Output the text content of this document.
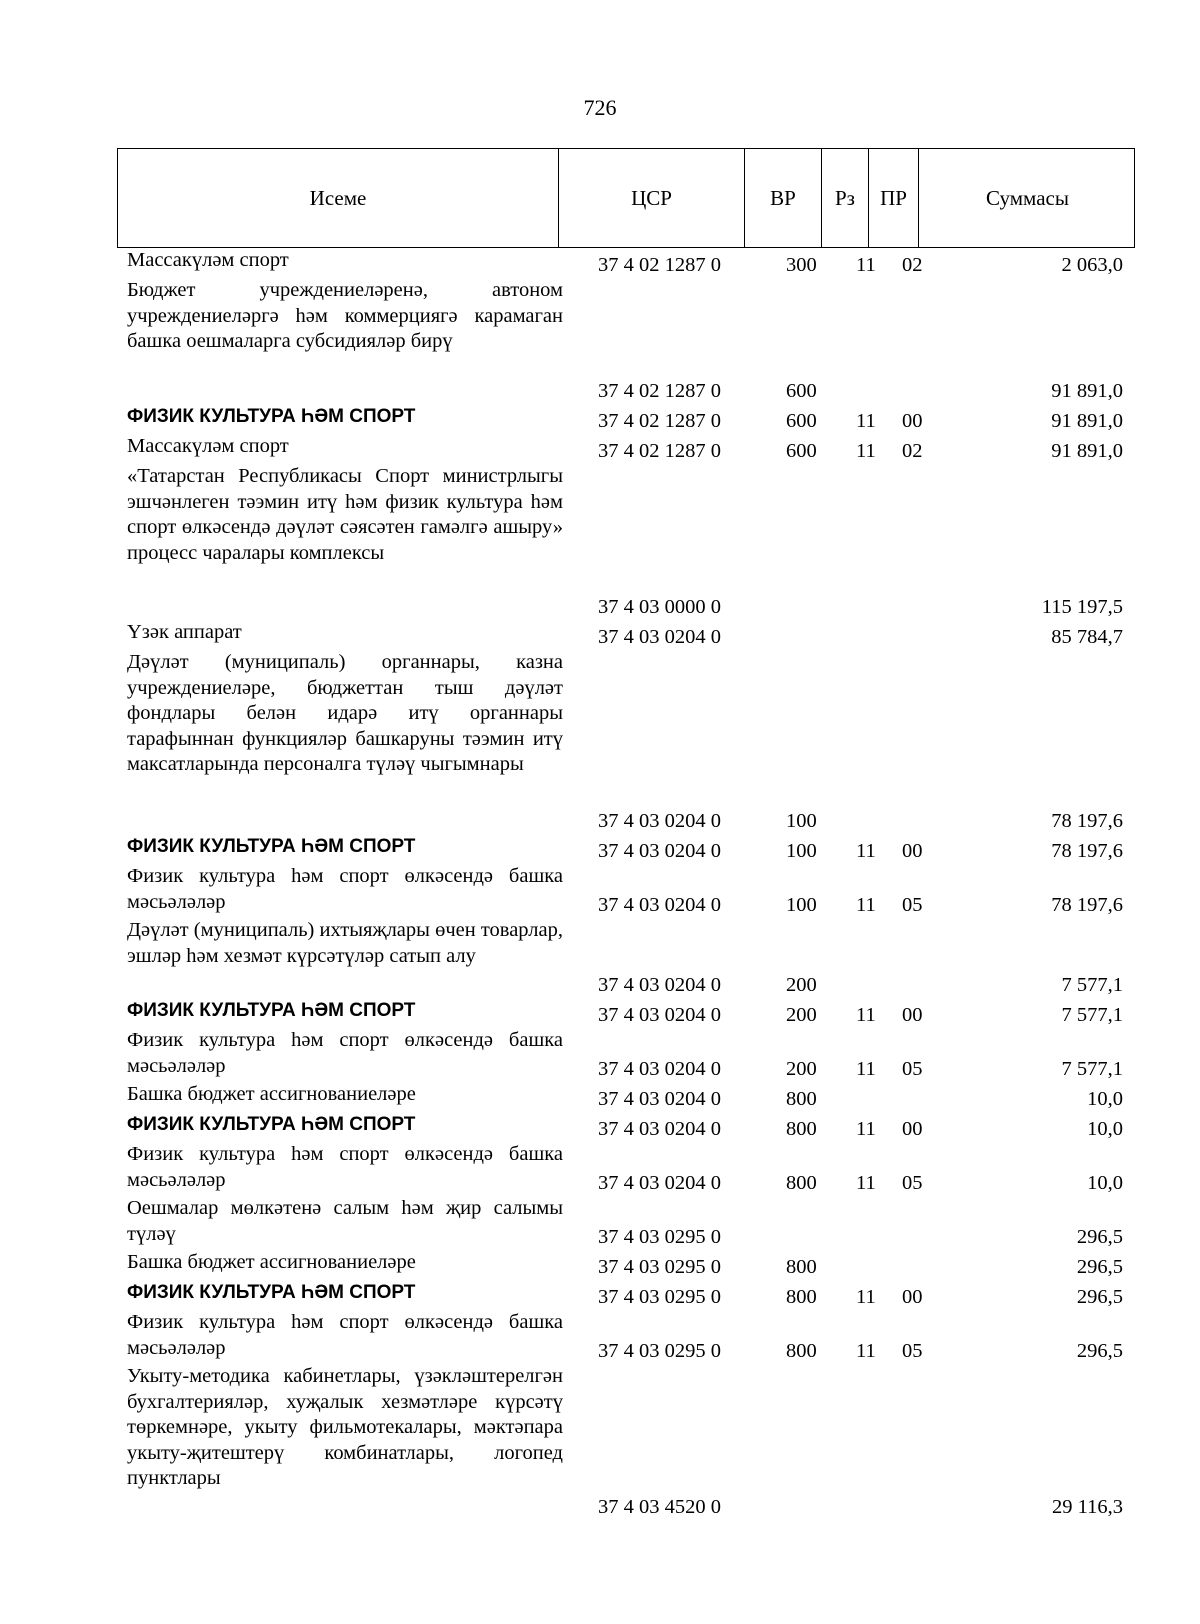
726
Исеме	ЦСР	ВР	Рз	ПР	Суммасы
Массакүләм спорт	37 4 02 1287 0	300 11 02	2 063,0
Бюджет учреждениеләренә, автоном учреждениеләргә һәм коммерциягә карамаган башка оешмаларга субсидияләр бирү
37 4 02 1287 0	600	91 891,0
ФИЗИК КУЛЬТУРА ҺӘМ СПОРТ	37 4 02 1287 0	600 11 00	91 891,0
Массакүләм спорт	37 4 02 1287 0	600 11 02	91 891,0
«Татарстан Республикасы Спорт министрлыгы эшчәнлеген тәэмин итү һәм физик культура һәм спорт өлкәсендә дәүләт сәясәтен гамәлгә ашыру» процесс чаралары комплексы
37 4 03 0000 0	115 197,5
Үзәк аппарат	37 4 03 0204 0	85 784,7
Дәүләт (муниципаль) органнары, казна учреждениеләре, бюджеттан тыш дәүләт фондлары белән идарә итү органнары тарафыннан функцияләр башкаруны тәэмин итү максатларында персоналга түләү чыгымнары
37 4 03 0204 0	100	78 197,6
ФИЗИК КУЛЬТУРА ҺӘМ СПОРТ	37 4 03 0204 0	100 11 00	78 197,6
Физик культура һәм спорт өлкәсендә башка мәсьәләләр	37 4 03 0204 0	100 11 05	78 197,6
Дәүләт (муниципаль) ихтыяҗлары өчен товарлар, эшләр һәм хезмәт күрсәтүләр сатып алу
37 4 03 0204 0	200	7 577,1
ФИЗИК КУЛЬТУРА ҺӘМ СПОРТ	37 4 03 0204 0	200 11 00	7 577,1
Физик культура һәм спорт өлкәсендә башка мәсьәләләр	37 4 03 0204 0	200 11 05	7 577,1
Башка бюджет ассигнованиеләре	37 4 03 0204 0	800	10,0
ФИЗИК КУЛЬТУРА ҺӘМ СПОРТ	37 4 03 0204 0	800 11 00	10,0
Физик культура һәм спорт өлкәсендә башка мәсьәләләр	37 4 03 0204 0	800 11 05	10,0
Оешмалар мөлкәтенә салым һәм җир салымы түләү	37 4 03 0295 0	296,5
Башка бюджет ассигнованиеләре	37 4 03 0295 0	800	296,5
ФИЗИК КУЛЬТУРА ҺӘМ СПОРТ	37 4 03 0295 0	800 11 00	296,5
Физик культура һәм спорт өлкәсендә башка мәсьәләләр	37 4 03 0295 0	800 11 05	296,5
Укыту-методика кабинетлары, үзәкләштерелгән бухгалтерияләр, хуҗалык хезмәтләре күрсәтү төркемнәре, укыту фильмотекалары, мәктәпара укыту-җитештерү комбинатлары, логопед пунктлары
37 4 03 4520 0	29 116,3
